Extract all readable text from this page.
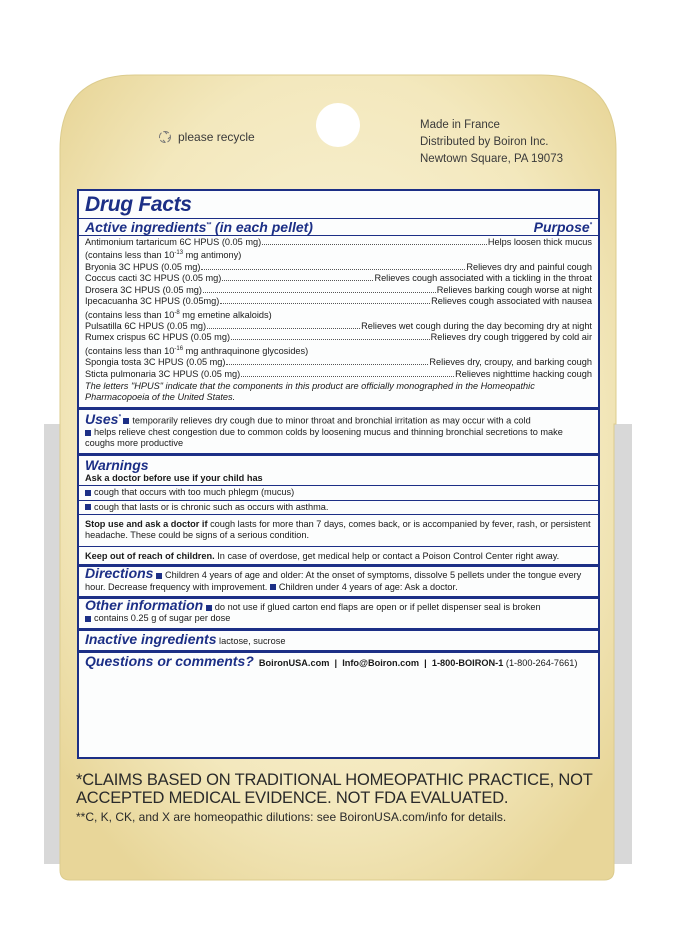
please recycle
Made in France
Distributed by Boiron Inc.
Newtown Square, PA 19073
Drug Facts
Active ingredients** (in each pellet)	Purpose*
Antimonium tartaricum 6C HPUS (0.05 mg)	Helps loosen thick mucus
(contains less than $10^{-13}$ mg antimony)
Bryonia 3C HPUS (0.05 mg)	Relieves dry and painful cough
Coccus cacti 3C HPUS (0.05 mg)	Relieves cough associated with a tickling in the throat
Drosera 3C HPUS (0.05 mg)	Relieves barking cough worse at night
Ipecacuanha 3C HPUS (0.05mg)	Relieves cough associated with nausea
(contains less than $10^{-8}$ mg emetine alkaloids)
Pulsatilla 6C HPUS (0.05 mg)	Relieves wet cough during the day becoming dry at night
Rumex crispus 6C HPUS (0.05 mg)	Relieves dry cough triggered by cold air
(contains less than $10^{-16}$ mg anthraquinone glycosides)
Spongia tosta 3C HPUS (0.05 mg)	Relieves dry, croupy, and barking cough
Sticta pulmonaria 3C HPUS (0.05 mg)	Relieves nighttime hacking cough
The letters "HPUS" indicate that the components in this product are officially monographed in the Homeopathic Pharmacopoeia of the United States.
Uses* temporarily relieves dry cough due to minor throat and bronchial irritation as may occur with a cold
helps relieve chest congestion due to common colds by loosening mucus and thinning bronchial secretions to make coughs more productive
Warnings
Ask a doctor before use if your child has
cough that occurs with too much phlegm (mucus)
cough that lasts or is chronic such as occurs with asthma.
Stop use and ask a doctor if cough lasts for more than 7 days, comes back, or is accompanied by fever, rash, or persistent headache. These could be signs of a serious condition.
Keep out of reach of children. In case of overdose, get medical help or contact a Poison Control Center right away.
Directions Children 4 years of age and older: At the onset of symptoms, dissolve 5 pellets under the tongue every hour. Decrease frequency with improvement. Children under 4 years of age: Ask a doctor.
Other information do not use if glued carton end flaps are open or if pellet dispenser seal is broken
contains 0.25 g of sugar per dose
Inactive ingredients lactose, sucrose
Questions or comments? BoironUSA.com  |  Info@Boiron.com  |  1-800-BOIRON-1 (1-800-264-7661)
*CLAIMS BASED ON TRADITIONAL HOMEOPATHIC PRACTICE, NOT ACCEPTED MEDICAL EVIDENCE. NOT FDA EVALUATED.
**C, K, CK, and X are homeopathic dilutions: see BoironUSA.com/info for details.
